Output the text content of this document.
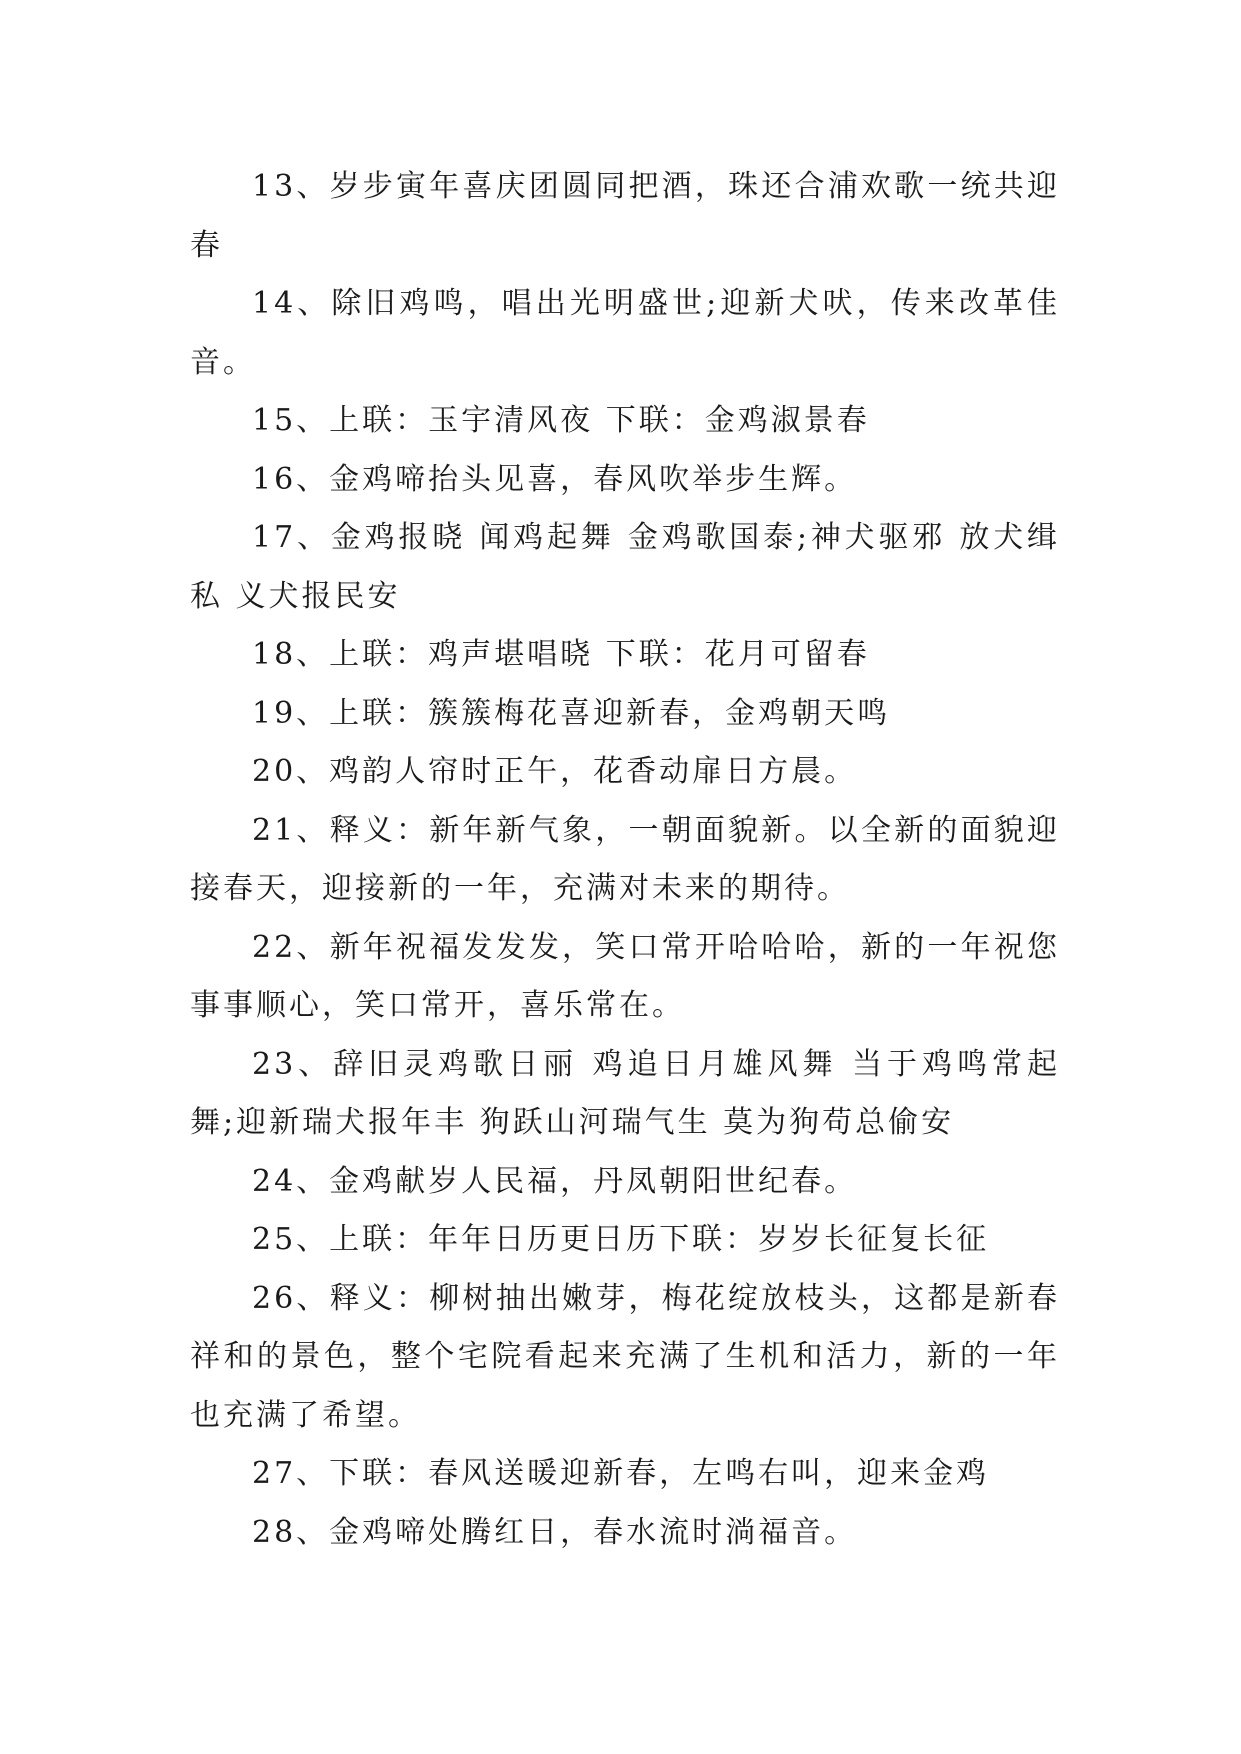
13、岁步寅年喜庆团圆同把酒，珠还合浦欢歌一统共迎春

14、除旧鸡鸣，唱出光明盛世;迎新犬吠，传来改革佳音。

15、上联：玉宇清风夜 下联：金鸡淑景春

16、金鸡啼抬头见喜，春风吹举步生辉。

17、金鸡报晓 闻鸡起舞 金鸡歌国泰;神犬驱邪 放犬缉私 义犬报民安

18、上联：鸡声堪唱晓 下联：花月可留春

19、上联：簇簇梅花喜迎新春，金鸡朝天鸣

20、鸡韵人帘时正午，花香动扉日方晨。

21、释义：新年新气象，一朝面貌新。以全新的面貌迎接春天，迎接新的一年，充满对未来的期待。

22、新年祝福发发发，笑口常开哈哈哈，新的一年祝您事事顺心，笑口常开，喜乐常在。

23、辞旧灵鸡歌日丽 鸡追日月雄风舞 当于鸡鸣常起舞;迎新瑞犬报年丰 狗跃山河瑞气生 莫为狗苟总偷安

24、金鸡献岁人民福，丹凤朝阳世纪春。

25、上联：年年日历更日历下联：岁岁长征复长征

26、释义：柳树抽出嫩芽，梅花绽放枝头，这都是新春祥和的景色，整个宅院看起来充满了生机和活力，新的一年也充满了希望。

27、下联：春风送暖迎新春，左鸣右叫，迎来金鸡

28、金鸡啼处腾红日，春水流时淌福音。
